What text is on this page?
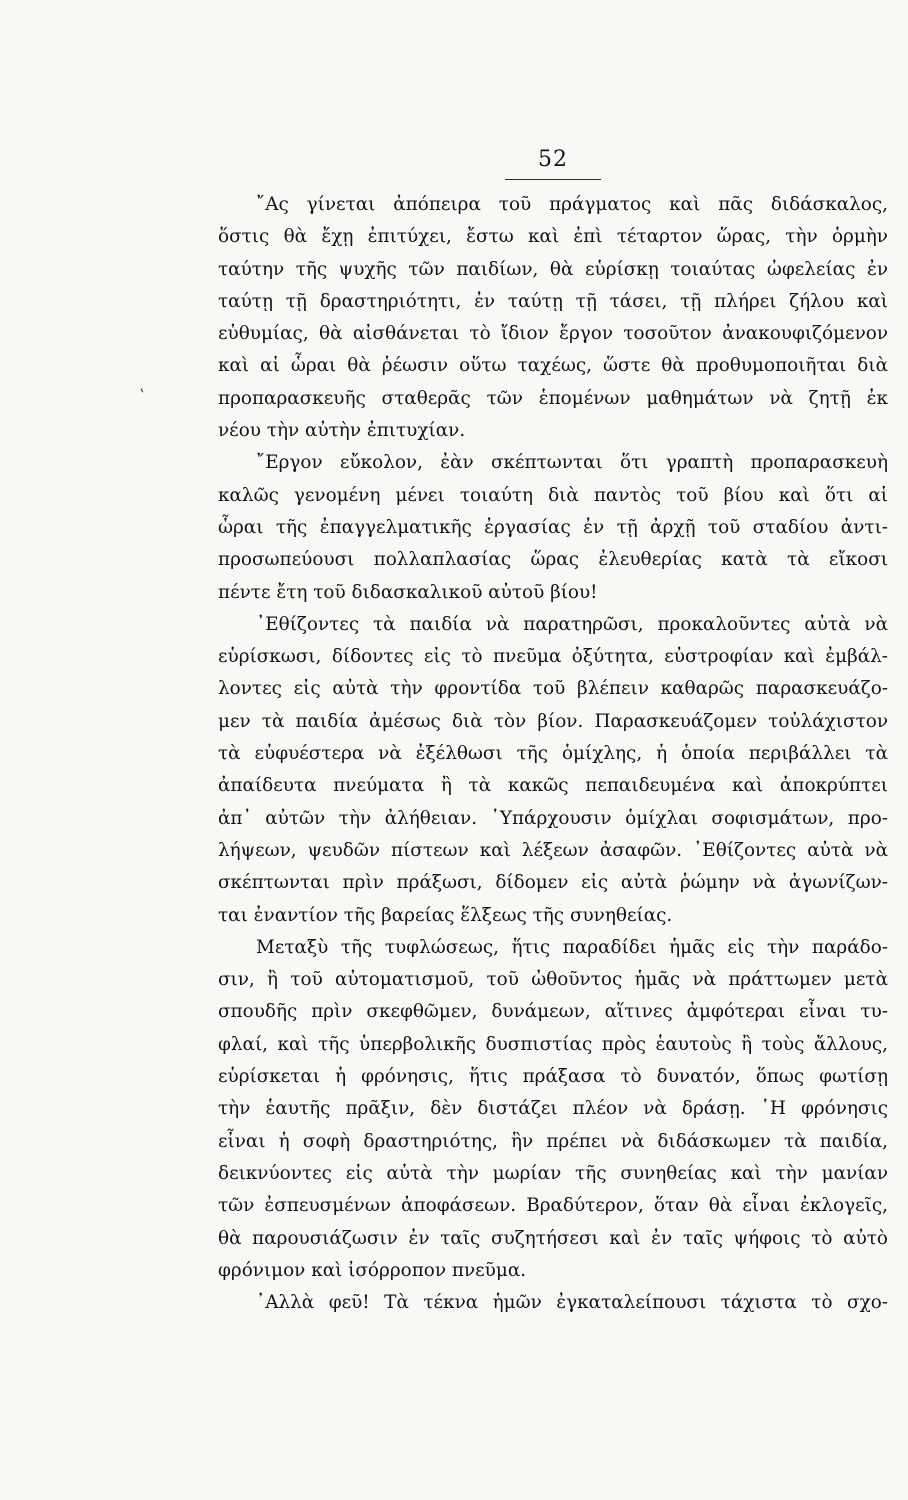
52
ʽ
῎Ας γίνεται ἀπόπειρα τοῦ πράγματος καὶ πᾶς διδάσκαλος,
ὅστις θὰ ἔχῃ ἐπιτύχει, ἔστω καὶ ἐπὶ τέταρτον ὥρας, τὴν ὁρμὴν
ταύτην τῆς ψυχῆς τῶν παιδίων, θὰ εὑρίσκῃ τοιαύτας ὠφελείας ἐν
ταύτῃ τῇ δραστηριότητι, ἐν ταύτῃ τῇ τάσει, τῇ πλήρει ζήλου καὶ
εὐθυμίας, θὰ αἰσθάνεται τὸ ἴδιον ἔργον τοσοῦτον ἀνακουφιζόμενον
καὶ αἱ ὧραι θὰ ῥέωσιν οὕτω ταχέως, ὥστε θὰ προθυμοποιῆται διὰ
προπαρασκευῆς σταθερᾶς τῶν ἑπομένων μαθημάτων νὰ ζητῇ ἐκ
νέου τὴν αὐτὴν ἐπιτυχίαν.
῎Εργον εὔκολον, ἐὰν σκέπτωνται ὅτι γραπτὴ προπαρασκευὴ
καλῶς γενομένη μένει τοιαύτη διὰ παντὸς τοῦ βίου καὶ ὅτι αἱ
ὧραι τῆς ἐπαγγελματικῆς ἐργασίας ἐν τῇ ἀρχῇ τοῦ σταδίου ἀντι-
προσωπεύουσι πολλαπλασίας ὥρας ἐλευθερίας κατὰ τὰ εἴκοσι
πέντε ἔτη τοῦ διδασκαλικοῦ αὐτοῦ βίου!
᾿Εθίζοντες τὰ παιδία νὰ παρατηρῶσι, προκαλοῦντες αὐτὰ νὰ
εὑρίσκωσι, δίδοντες εἰς τὸ πνεῦμα ὀξύτητα, εὐστροφίαν καὶ ἐμβάλ-
λοντες εἰς αὐτὰ τὴν φροντίδα τοῦ βλέπειν καθαρῶς παρασκευάζο-
μεν τὰ παιδία ἀμέσως διὰ τὸν βίον. Παρασκευάζομεν τοὐλάχιστον
τὰ εὐφυέστερα νὰ ἐξέλθωσι τῆς ὁμίχλης, ἡ ὁποία περιβάλλει τὰ
ἀπαίδευτα πνεύματα ἢ τὰ κακῶς πεπαιδευμένα καὶ ἀποκρύπτει
ἀπ᾿ αὐτῶν τὴν ἀλήθειαν. ῾Υπάρχουσιν ὁμίχλαι σοφισμάτων, προ-
λήψεων, ψευδῶν πίστεων καὶ λέξεων ἀσαφῶν. ᾿Εθίζοντες αὐτὰ νὰ
σκέπτωνται πρὶν πράξωσι, δίδομεν εἰς αὐτὰ ῥώμην νὰ ἀγωνίζων-
ται ἐναντίον τῆς βαρείας ἕλξεως τῆς συνηθείας.
Μεταξὺ τῆς τυφλώσεως, ἥτις παραδίδει ἡμᾶς εἰς τὴν παράδο-
σιν, ἢ τοῦ αὐτοματισμοῦ, τοῦ ὠθοῦντος ἡμᾶς νὰ πράττωμεν μετὰ
σπουδῆς πρὶν σκεφθῶμεν, δυνάμεων, αἵτινες ἀμφότεραι εἶναι τυ-
φλαί, καὶ τῆς ὑπερβολικῆς δυσπιστίας πρὸς ἑαυτοὺς ἢ τοὺς ἄλλους,
εὑρίσκεται ἡ φρόνησις, ἥτις πράξασα τὸ δυνατόν, ὅπως φωτίσῃ
τὴν ἑαυτῆς πρᾶξιν, δὲν διστάζει πλέον νὰ δράσῃ. ῾Η φρόνησις
εἶναι ἡ σοφὴ δραστηριότης, ἣν πρέπει νὰ διδάσκωμεν τὰ παιδία,
δεικνύοντες εἰς αὐτὰ τὴν μωρίαν τῆς συνηθείας καὶ τὴν μανίαν
τῶν ἐσπευσμένων ἀποφάσεων. Βραδύτερον, ὅταν θὰ εἶναι ἐκλογεῖς,
θὰ παρουσιάζωσιν ἐν ταῖς συζητήσεσι καὶ ἐν ταῖς ψήφοις τὸ αὐτὸ
φρόνιμον καὶ ἰσόρροπον πνεῦμα.
᾿Αλλὰ φεῦ! Τὰ τέκνα ἡμῶν ἐγκαταλείπουσι τάχιστα τὸ σχο-
